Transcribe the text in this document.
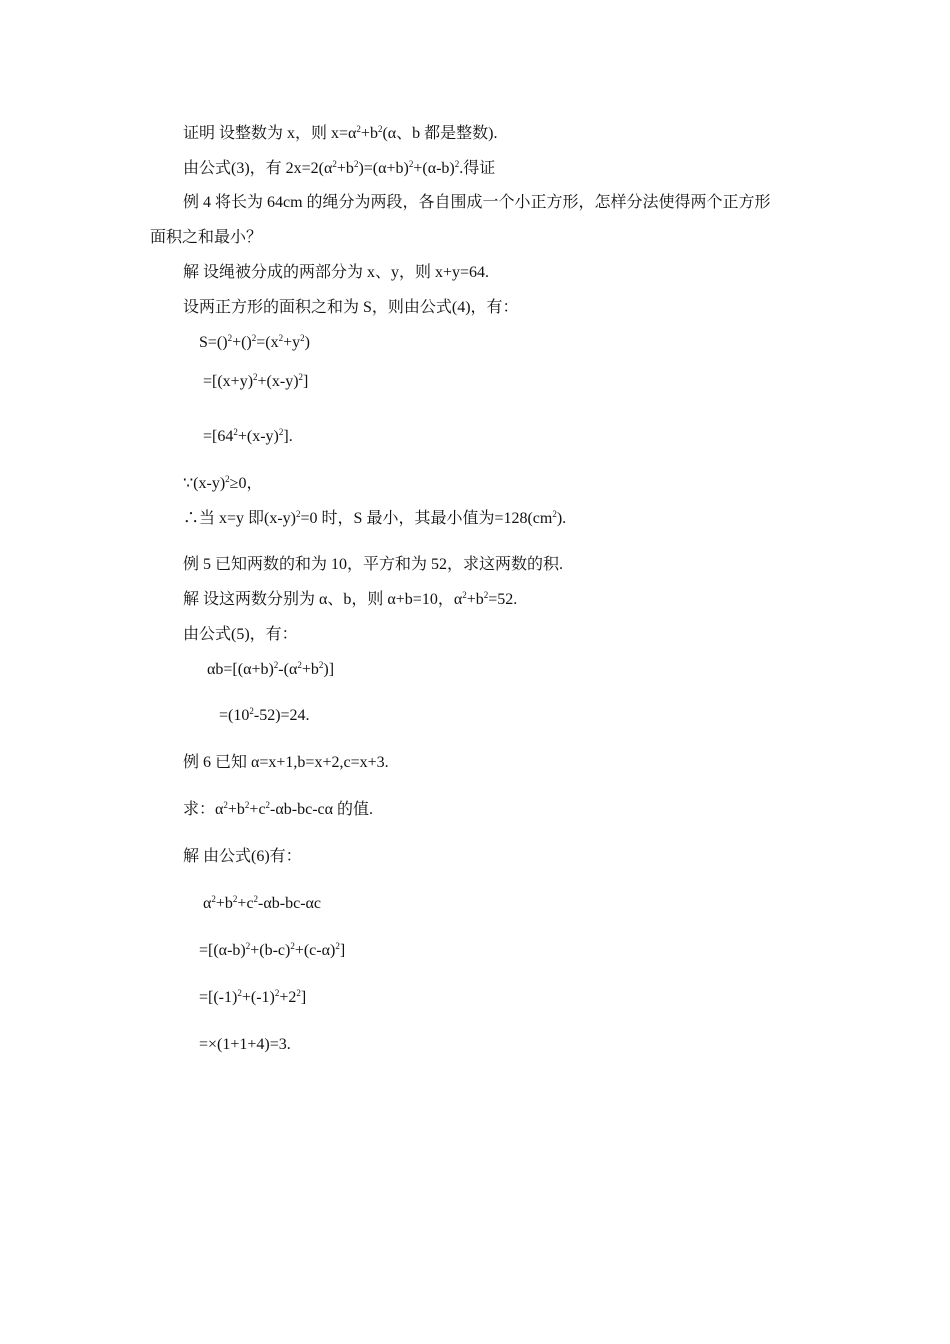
证明 设整数为 x，则 $x=\alpha^2+b^2(\alpha$、b 都是整数).
由公式(3)，有 $2x=2(\alpha^2+b^2)=(\alpha+b)^2+(\alpha-b)^2$.得证
例 4 将长为 64cm 的绳分为两段，各自围成一个小正方形，怎样分法使得两个正方形
面积之和最小？
解 设绳被分成的两部分为 x、y，则 x+y=64.
设两正方形的面积之和为 S，则由公式(4)，有：
$S=()^2+()^2=(x^2+y^2)$
$=[(x+y)^2+(x-y)^2]$
$=[64^2+(x-y)^2]$.
$\because(x-y)^2\ge 0$，
∴当 x=y 即$(x-y)^2=0$ 时，S 最小，其最小值为$=128(cm^2)$.
例 5 已知两数的和为 10，平方和为 52，求这两数的积.
解 设这两数分别为 α、b，则 α+b=10，$\alpha^2+b^2=52$.
由公式(5)，有：
$\alpha b=[(\alpha+b)^2-(\alpha^2+b^2)]$
$=(10^2-52)=24$.
例 6 已知 α=x+1,b=x+2,c=x+3.
求：$\alpha^2+b^2+c^2-\alpha b-bc-c\alpha$ 的值.
解 由公式(6)有：
$\alpha^2+b^2+c^2-\alpha b-bc-\alpha c$
$=[(\alpha-b)^2+(b-c)^2+(c-\alpha)^2]$
$=[(-1)^2+(-1)^2+2^2]$
=×(1+1+4)=3.
